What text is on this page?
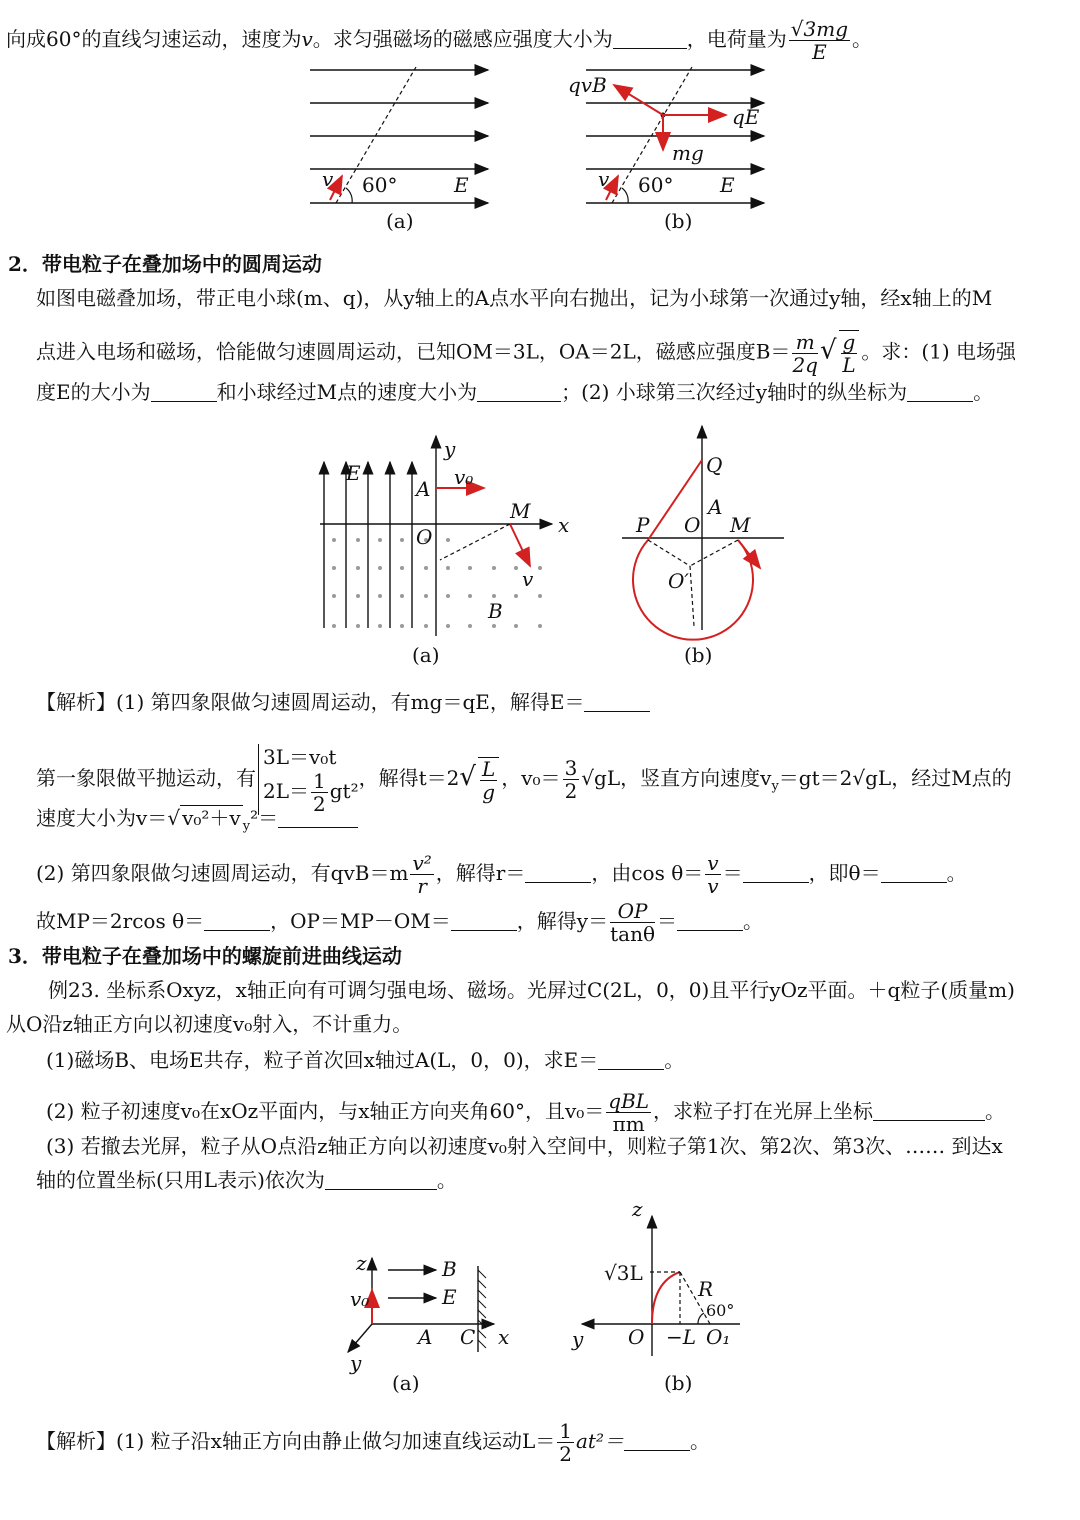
向成60°的直线匀速运动，速度为v。求匀强磁场的磁感应强度大小为	，电荷量为 $\frac{√3mg}{E}$ 。
v 60°	E
(a)
qvB
qE
mg
v 60° E
(b)
2．带电粒子在叠加场中的圆周运动
如图电磁叠加场，带正电小球(m、q)，从y轴上的A点水平向右抛出，记为小球第一次通过y轴，经x轴上的M
点进入电场和磁场，恰能做匀速圆周运动，已知OM＝3L，OA＝2L，磁感应强度$B= \frac{m}{2q}$ √ $\frac{g}{L}$ 。求：(1) 电场强
度E的大小为	和小球经过M点的速度大小为	；(2) 小球第三次经过y轴时的纵坐标为	。
y
x
E
A v₀
O
M
v
B
(a)
Q
A
P O M
O′
(b)
【解析】(1) 第四象限做匀速圆周运动，有mg＝qE，解得E＝
第一象限做平抛运动，有
3L＝v₀t
$2L= \frac{1}{2} gt^2$
，解得$t=2√ \frac{L}{g}$ ，$v_0= \frac{3}{2} √gL$，竖直方向速度$v_y=gt=2√gL$，经过M点的
速度大小为v＝√ v₀²＋v $_y$²＝
(2) 第四象限做匀速圆周运动，有$qvB=m \frac{\text{v²}}{r}$ ，解得r＝	，由$\cos \theta= \frac{v}{v}$ ＝	，即θ＝	。
故MP＝2rcos θ＝	，OP＝MP－OM＝	，解得$y= \frac{OP}{\tan\theta}$ ＝	。
3．带电粒子在叠加场中的螺旋前进曲线运动
例23. 坐标系Oxyz，x轴正向有可调匀强电场、磁场。光屏过C(2L，0，0)且平行yOz平面。＋q粒子(质量m)
从O沿z轴正方向以初速度v₀射入，不计重力。
(1)磁场B、电场E共存，粒子首次回x轴过A(L，0，0)，求E＝	。
(2) 粒子初速度v₀在xOz平面内，与x轴正方向夹角60°，且$v_0= \frac{\text{qBL}}{\pi m}$ ，求粒子打在光屏上坐标	。
(3) 若撤去光屏，粒子从O点沿z轴正方向以初速度v₀射入空间中，则粒子第1次、第2次、第3次、…… 到达x
轴的位置坐标(只用L表示)依次为	。
z	B
E
v₀
A C x
y
(a)
z
√3L
R
60°
y O −L O₁
(b)
【解析】(1) 粒子沿x轴正方向由静止做匀加速直线运动$L= \frac{1}{2} at^2=$	。
